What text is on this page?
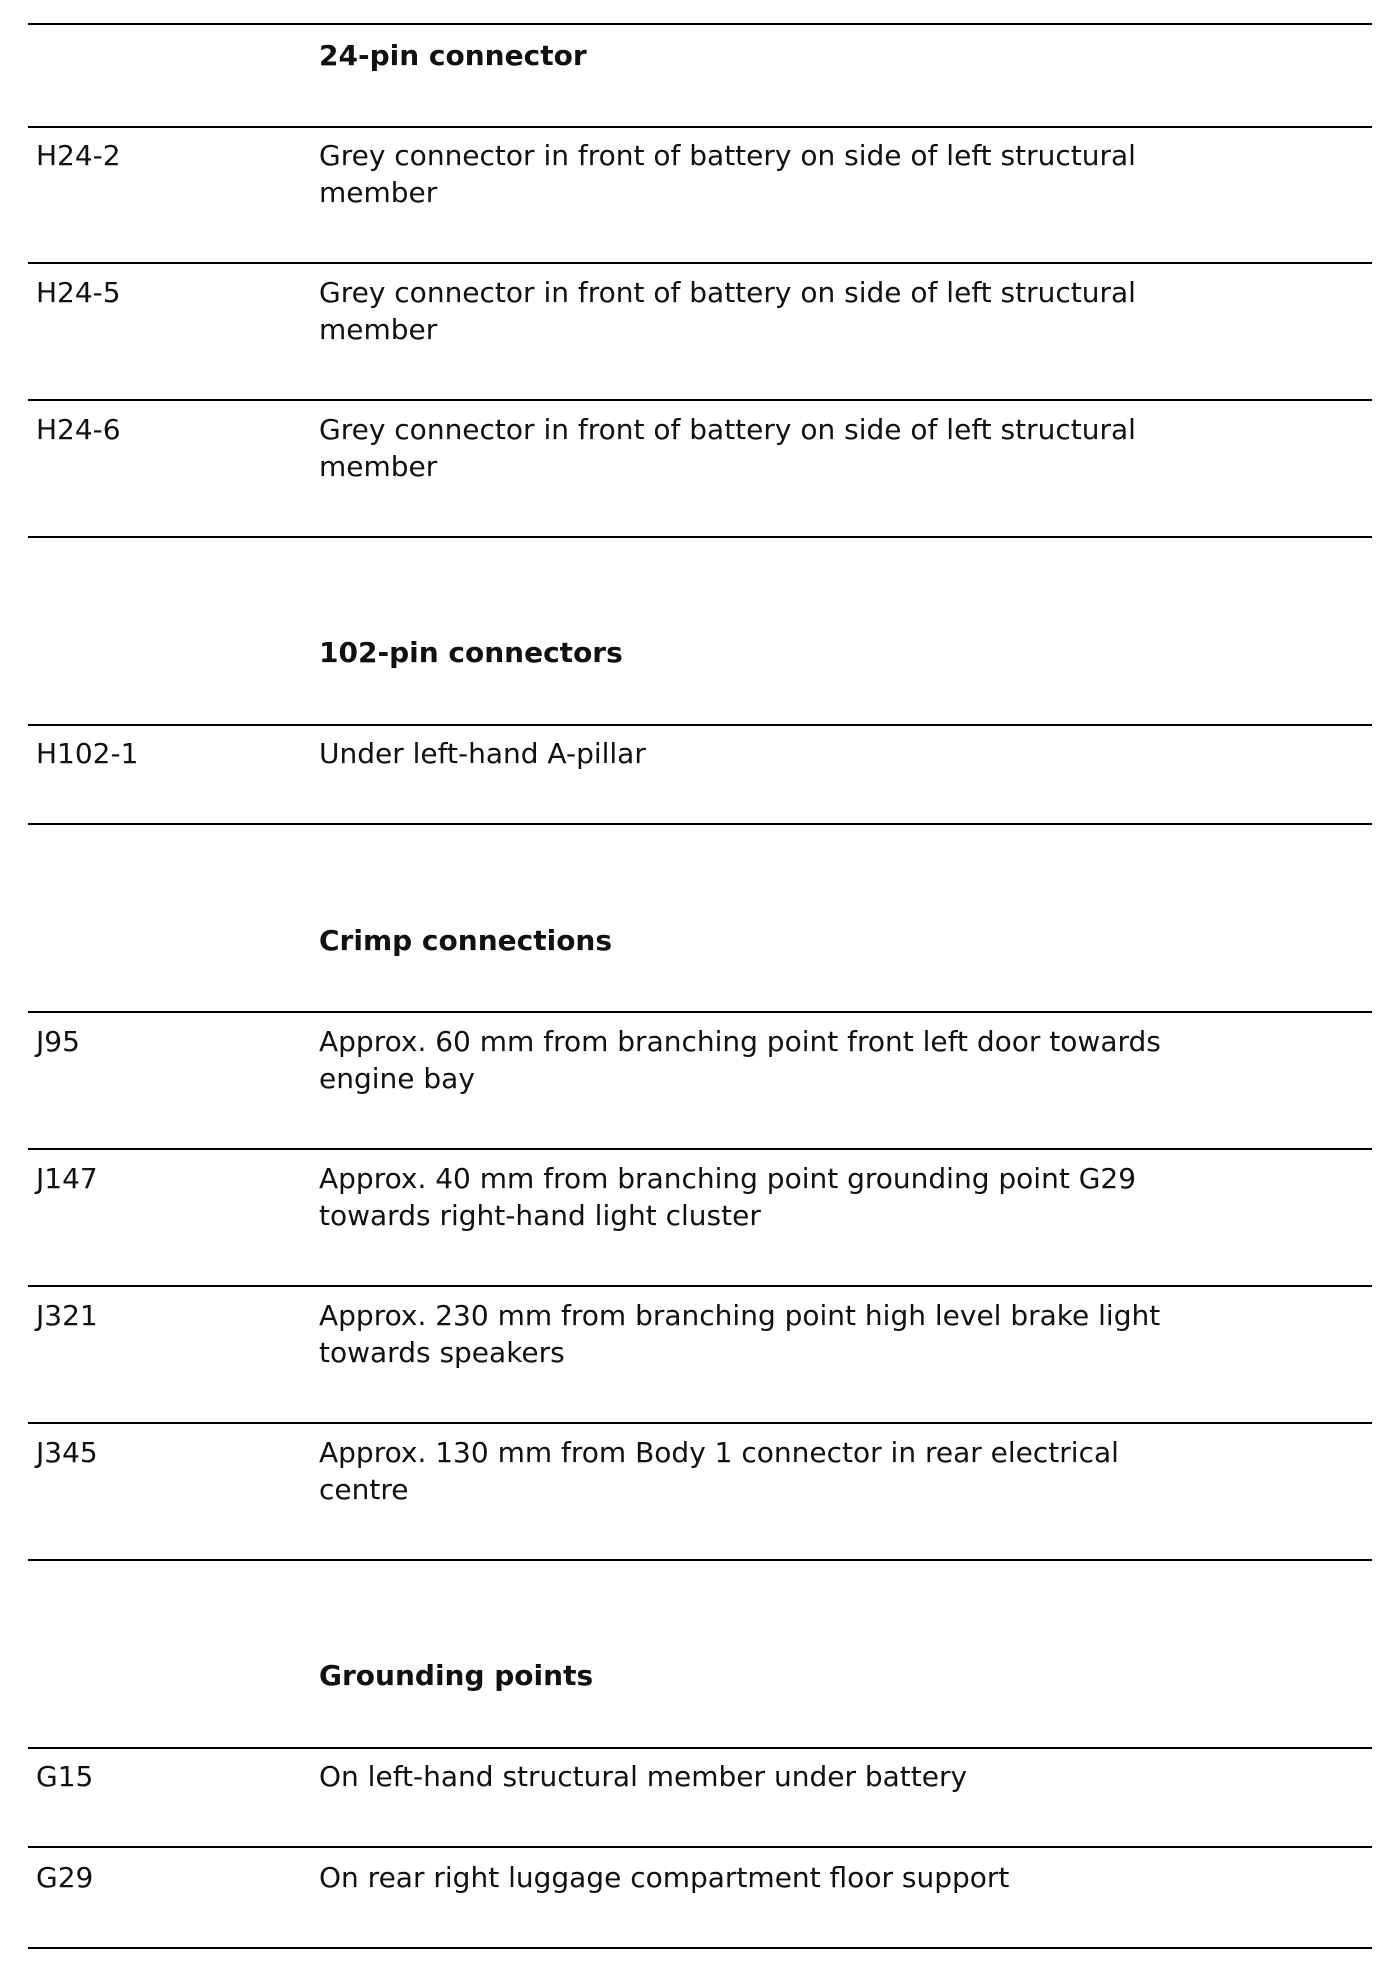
24-pin connector
H24-2	Grey connector in front of battery on side of left structural member
H24-5	Grey connector in front of battery on side of left structural member
H24-6	Grey connector in front of battery on side of left structural member
102-pin connectors
H102-1	Under left-hand A-pillar
Crimp connections
J95	Approx. 60 mm from branching point front left door towards engine bay
J147	Approx. 40 mm from branching point grounding point G29 towards right-hand light cluster
J321	Approx. 230 mm from branching point high level brake light towards speakers
J345	Approx. 130 mm from Body 1 connector in rear electrical centre
Grounding points
G15	On left-hand structural member under battery
G29	On rear right luggage compartment floor support
